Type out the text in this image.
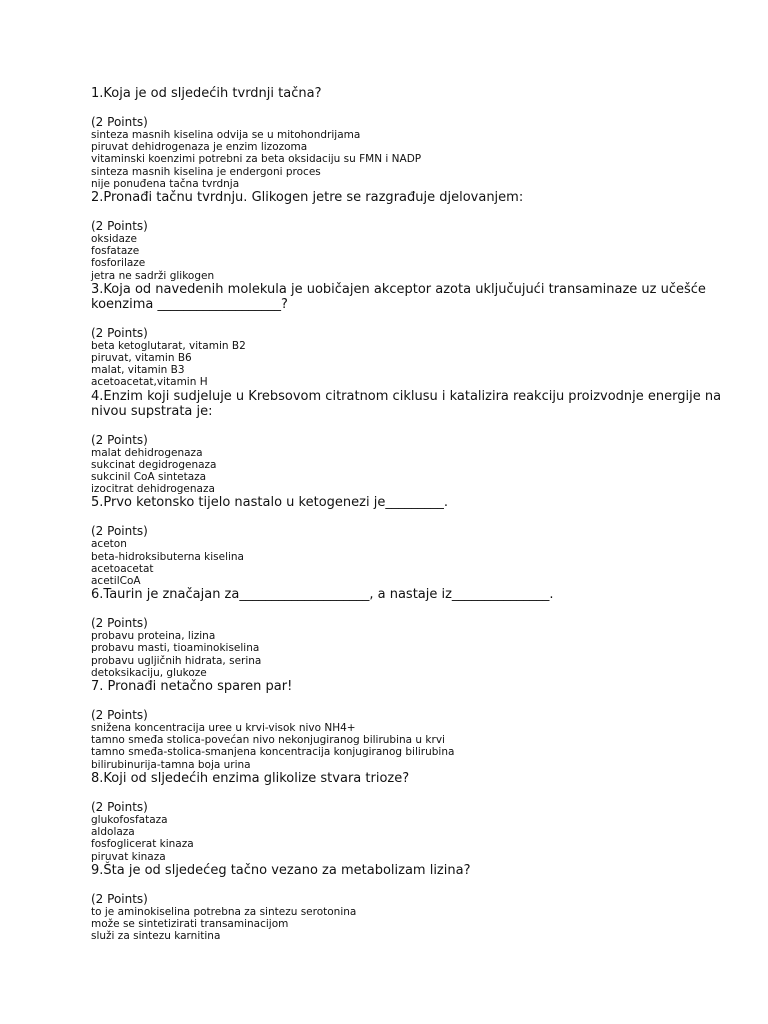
1.Koja je od sljedećih tvrdnji tačna?

(2 Points)
sinteza masnih kiselina odvija se u mitohondrijama
piruvat dehidrogenaza je enzim lizozoma
vitaminski koenzimi potrebni za beta oksidaciju su FMN i NADP
sinteza masnih kiselina je endergoni proces
nije ponuđena tačna tvrdnja

2.Pronađi tačnu tvrdnju. Glikogen jetre se razgrađuje djelovanjem:

(2 Points)
oksidaze
fosfataze
fosforilaze
jetra ne sadrži glikogen

3.Koja od navedenih molekula je uobičajen akceptor azota uključujući transaminaze uz učešće koenzima ___________________?

(2 Points)
beta ketoglutarat, vitamin B2
piruvat, vitamin B6
malat, vitamin B3
acetoacetat,vitamin H

4.Enzim koji sudjeluje u Krebsovom citratnom ciklusu i katalizira reakciju proizvodnje energije na nivou supstrata je:

(2 Points)
malat dehidrogenaza
sukcinat degidrogenaza
sukcinil CoA sintetaza
izocitrat dehidrogenaza

5.Prvo ketonsko tijelo nastalo u ketogenezi je_________.

(2 Points)
aceton
beta-hidroksibuterna kiselina
acetoacetat
acetilCoA

6.Taurin je značajan za____________________, a nastaje iz_______________.

(2 Points)
probavu proteina, lizina
probavu masti, tioaminokiselina
probavu ugljičnih hidrata, serina
detoksikaciju, glukoze

7. Pronađi netačno sparen par!

(2 Points)
snižena koncentracija uree u krvi-visok nivo NH4+
tamno smeđa stolica-povećan nivo nekonjugiranog bilirubina u krvi
tamno smeđa-stolica-smanjena koncentracija konjugiranog bilirubina
bilirubinurija-tamna boja urina

8.Koji od sljedećih enzima glikolize stvara trioze?

(2 Points)
glukofosfataza
aldolaza
fosfoglicerat kinaza
piruvat kinaza

9.Šta je od sljedećeg tačno vezano za metabolizam lizina?

(2 Points)
to je aminokiselina potrebna za sintezu serotonina
može se sintetizirati transaminacijom
služi za sintezu karnitina
